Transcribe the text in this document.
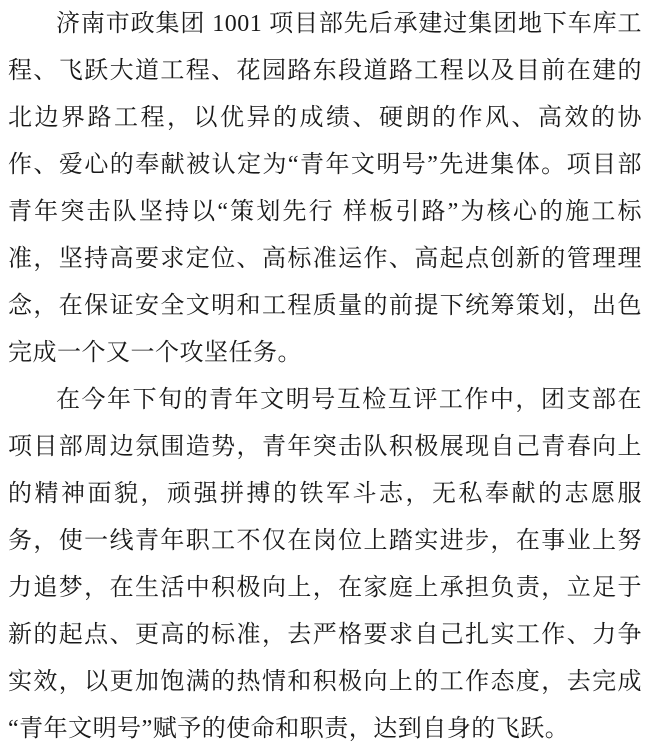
济南市政集团 1001 项目部先后承建过集团地下车库工程、飞跃大道工程、花园路东段道路工程以及目前在建的北边界路工程，以优异的成绩、硬朗的作风、高效的协作、爱心的奉献被认定为“青年文明号”先进集体。项目部青年突击队坚持以“策划先行 样板引路”为核心的施工标准，坚持高要求定位、高标准运作、高起点创新的管理理念，在保证安全文明和工程质量的前提下统筹策划，出色完成一个又一个攻坚任务。

在今年下旬的青年文明号互检互评工作中，团支部在项目部周边氛围造势，青年突击队积极展现自己青春向上的精神面貌，顽强拼搏的铁军斗志，无私奉献的志愿服务，使一线青年职工不仅在岗位上踏实进步，在事业上努力追梦，在生活中积极向上，在家庭上承担负责，立足于新的起点、更高的标准，去严格要求自己扎实工作、力争实效，以更加饱满的热情和积极向上的工作态度，去完成“青年文明号”赋予的使命和职责，达到自身的飞跃。
